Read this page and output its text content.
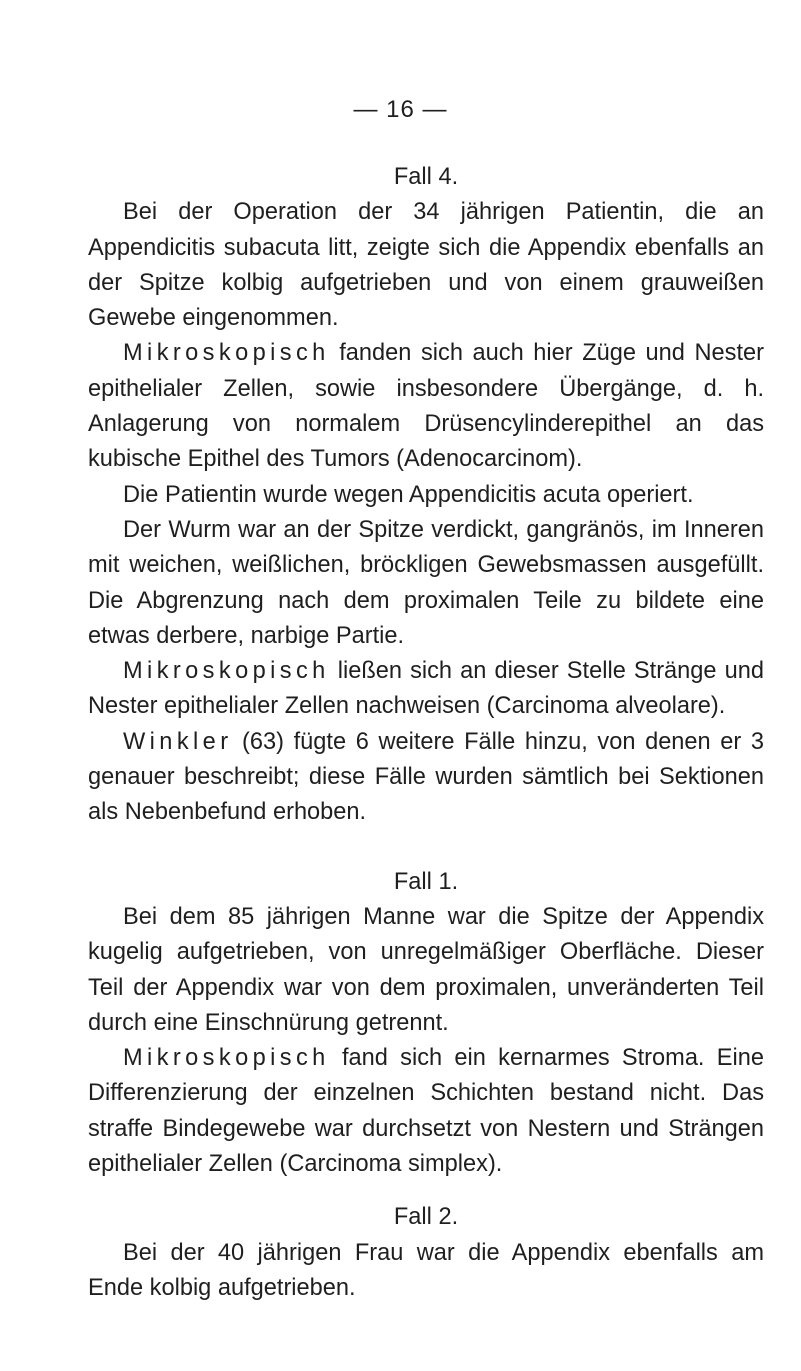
— 16 —

Fall 4.

Bei der Operation der 34 jährigen Patientin, die an Appendicitis subacuta litt, zeigte sich die Appendix ebenfalls an der Spitze kolbig aufgetrieben und von einem grauweißen Gewebe eingenommen.

Mikroskopisch fanden sich auch hier Züge und Nester epithelialer Zellen, sowie insbesondere Übergänge, d. h. Anlagerung von normalem Drüsencylinderepithel an das kubische Epithel des Tumors (Adenocarcinom).

Die Patientin wurde wegen Appendicitis acuta operiert.

Der Wurm war an der Spitze verdickt, gangränös, im Inneren mit weichen, weißlichen, bröckligen Gewebsmassen ausgefüllt. Die Abgrenzung nach dem proximalen Teile zu bildete eine etwas derbere, narbige Partie.

Mikroskopisch ließen sich an dieser Stelle Stränge und Nester epithelialer Zellen nachweisen (Carcinoma alveolare).

Winkler (63) fügte 6 weitere Fälle hinzu, von denen er 3 genauer beschreibt; diese Fälle wurden sämtlich bei Sektionen als Nebenbefund erhoben.

Fall 1.

Bei dem 85 jährigen Manne war die Spitze der Appendix kugelig aufgetrieben, von unregelmäßiger Oberfläche. Dieser Teil der Appendix war von dem proximalen, unveränderten Teil durch eine Einschnürung getrennt.

Mikroskopisch fand sich ein kernarmes Stroma. Eine Differenzierung der einzelnen Schichten bestand nicht. Das straffe Bindegewebe war durchsetzt von Nestern und Strängen epithelialer Zellen (Carcinoma simplex).

Fall 2.

Bei der 40 jährigen Frau war die Appendix ebenfalls am Ende kolbig aufgetrieben.
